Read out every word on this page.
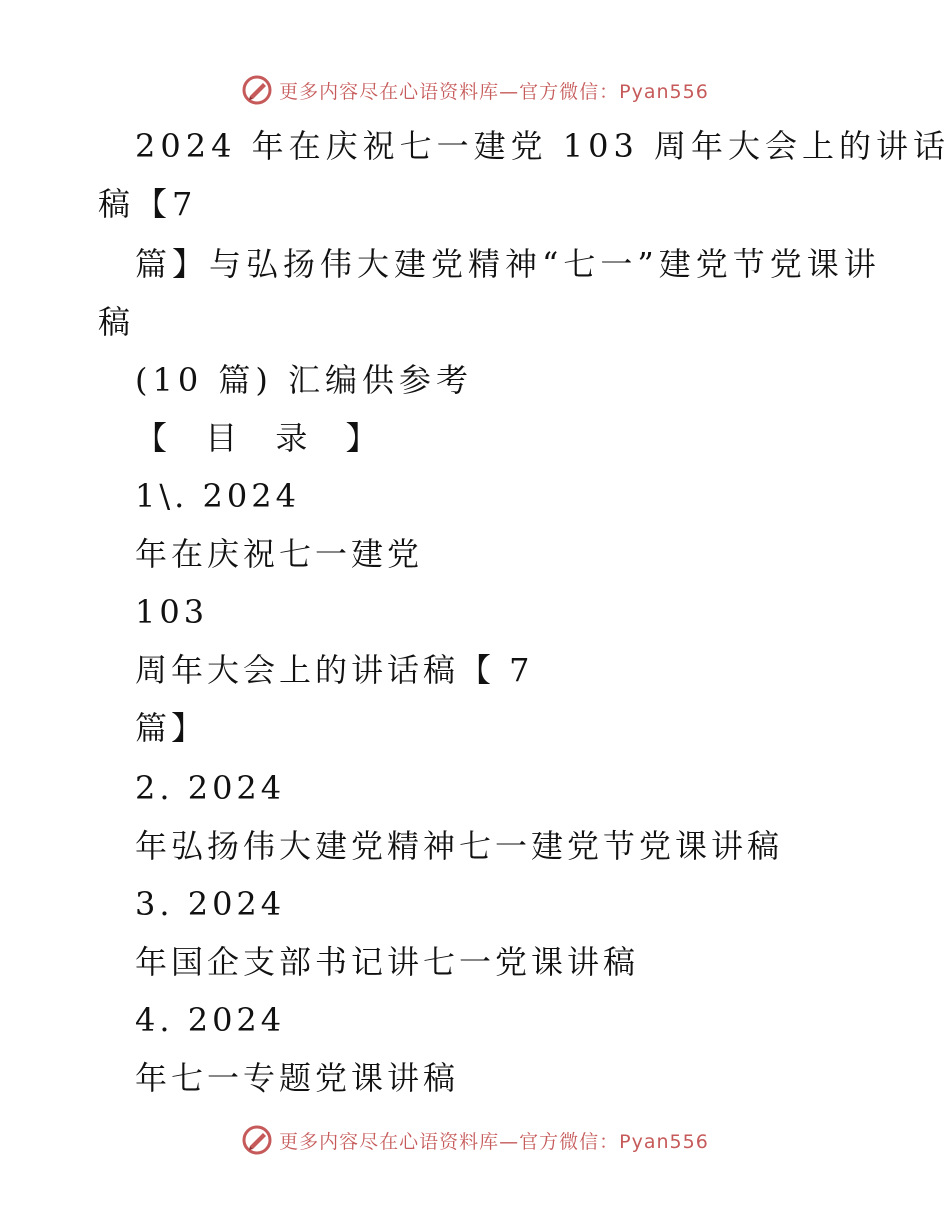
更多内容尽在心语资料库—官方微信：Pyan556
2024 年在庆祝七一建党 103 周年大会上的讲话
稿【7
篇】与弘扬伟大建党精神“七一”建党节党课讲
稿
(10 篇) 汇编供参考
【 目 录 】
1\. 2024
年在庆祝七一建党
103
周年大会上的讲话稿【 7
篇】
2. 2024
年弘扬伟大建党精神七一建党节党课讲稿
3. 2024
年国企支部书记讲七一党课讲稿
4. 2024
年七一专题党课讲稿
更多内容尽在心语资料库—官方微信：Pyan556
